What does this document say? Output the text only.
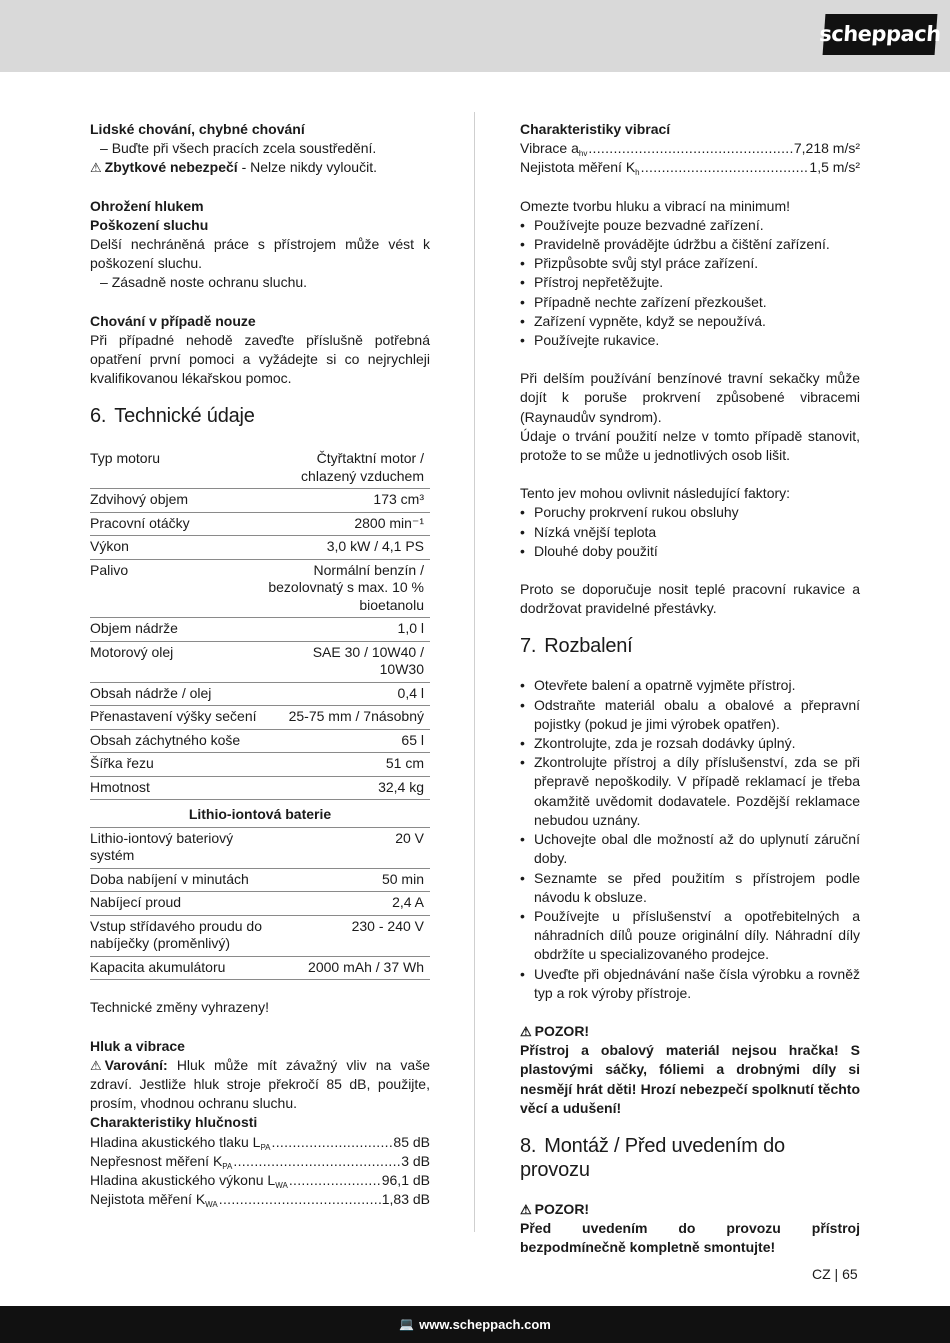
scheppach

Lidské chování, chybné chování

– Buďte při všech pracích zcela soustředění.

⚠ Zbytkové nebezpečí - Nelze nikdy vyloučit.

Ohrožení hlukem

Poškození sluchu

Delší nechráněná práce s přístrojem může vést k poškození sluchu.

– Zásadně noste ochranu sluchu.

Chování v případě nouze

Při případné nehodě zaveďte příslušně potřebná opatření první pomoci a vyžádejte si co nejrychleji kvalifikovanou lékařskou pomoc.

6. Technické údaje
Typ motoru	Čtyřtaktní motor / chlazený vzduchem
Zdvihový objem	173 cm³
Pracovní otáčky	2800 min⁻¹
Výkon	3,0 kW / 4,1 PS
Palivo	Normální benzín / bezolovnatý s max. 10 % bioetanolu
Objem nádrže	1,0 l
Motorový olej	SAE 30 / 10W40 / 10W30
Obsah nádrže / olej	0,4 l
Přenastavení výšky sečení	25-75 mm / 7násobný
Obsah záchytného koše	65 l
Šířka řezu	51 cm
Hmotnost	32,4 kg
Lithio-iontová baterie	
Lithio-iontový bateriový systém	20 V
Doba nabíjení v minutách	50 min
Nabíjecí proud	2,4 A
Vstup střídavého proudu do nabíječky (proměnlivý)	230 - 240 V
Kapacita akumulátoru	2000 mAh / 37 Wh

Technické změny vyhrazeny!

Hluk a vibrace

⚠ Varování: Hluk může mít závažný vliv na vaše zdraví. Jestliže hluk stroje překročí 85 dB, použijte, prosím, vhodnou ochranu sluchu.

Charakteristiky hlučnosti

Hladina akustického tlaku $L_{PA}$ .....	85 dB
Nepřesnost měření $K_{PA}$ .....	3 dB
Hladina akustického výkonu $L_{WA}$ .....	96,1 dB
Nejistota měření $K_{WA}$ .....	1,83 dB

Charakteristiky vibrací

Vibrace $a_{hv}$ .....	7,218 m/s²
Nejistota měření $K_h$ .....	1,5 m/s²

Omezte tvorbu hluku a vibrací na minimum!

• Používejte pouze bezvadné zařízení.
• Pravidelně provádějte údržbu a čištění zařízení.
• Přizpůsobte svůj styl práce zařízení.
• Přístroj nepřetěžujte.
• Případně nechte zařízení přezkoušet.
• Zařízení vypněte, když se nepoužívá.
• Používejte rukavice.

Při delším používání benzínové travní sekačky může dojít k poruše prokrvení způsobené vibracemi (Raynaudův syndrom).

Údaje o trvání použití nelze v tomto případě stanovit, protože to se může u jednotlivých osob lišit.

Tento jev mohou ovlivnit následující faktory:

• Poruchy prokrvení rukou obsluhy
• Nízká vnější teplota
• Dlouhé doby použití

Proto se doporučuje nosit teplé pracovní rukavice a dodržovat pravidelné přestávky.

7. Rozbalení
• Otevřete balení a opatrně vyjměte přístroj.
• Odstraňte materiál obalu a obalové a přepravní pojistky (pokud je jimi výrobek opatřen).
• Zkontrolujte, zda je rozsah dodávky úplný.
• Zkontrolujte přístroj a díly příslušenství, zda se při přepravě nepoškodily. V případě reklamací je třeba okamžitě uvědomit dodavatele. Pozdější reklamace nebudou uznány.
• Uchovejte obal dle možností až do uplynutí záruční doby.
• Seznamte se před použitím s přístrojem podle návodu k obsluze.
• Používejte u příslušenství a opotřebitelných a náhradních dílů pouze originální díly. Náhradní díly obdržíte u specializovaného prodejce.
• Uveďte při objednávání naše čísla výrobku a rovněž typ a rok výroby přístroje.

⚠ POZOR!

Přístroj a obalový materiál nejsou hračka! S plastovými sáčky, fóliemi a drobnými díly si nesmějí hrát děti! Hrozí nebezpečí spolknutí těchto věcí a udušení!

8. Montáž / Před uvedením do provozu

⚠ POZOR!

Před uvedením do provozu přístroj bezpodmínečně kompletně smontujte!

CZ | 65
💻 www.scheppach.com
